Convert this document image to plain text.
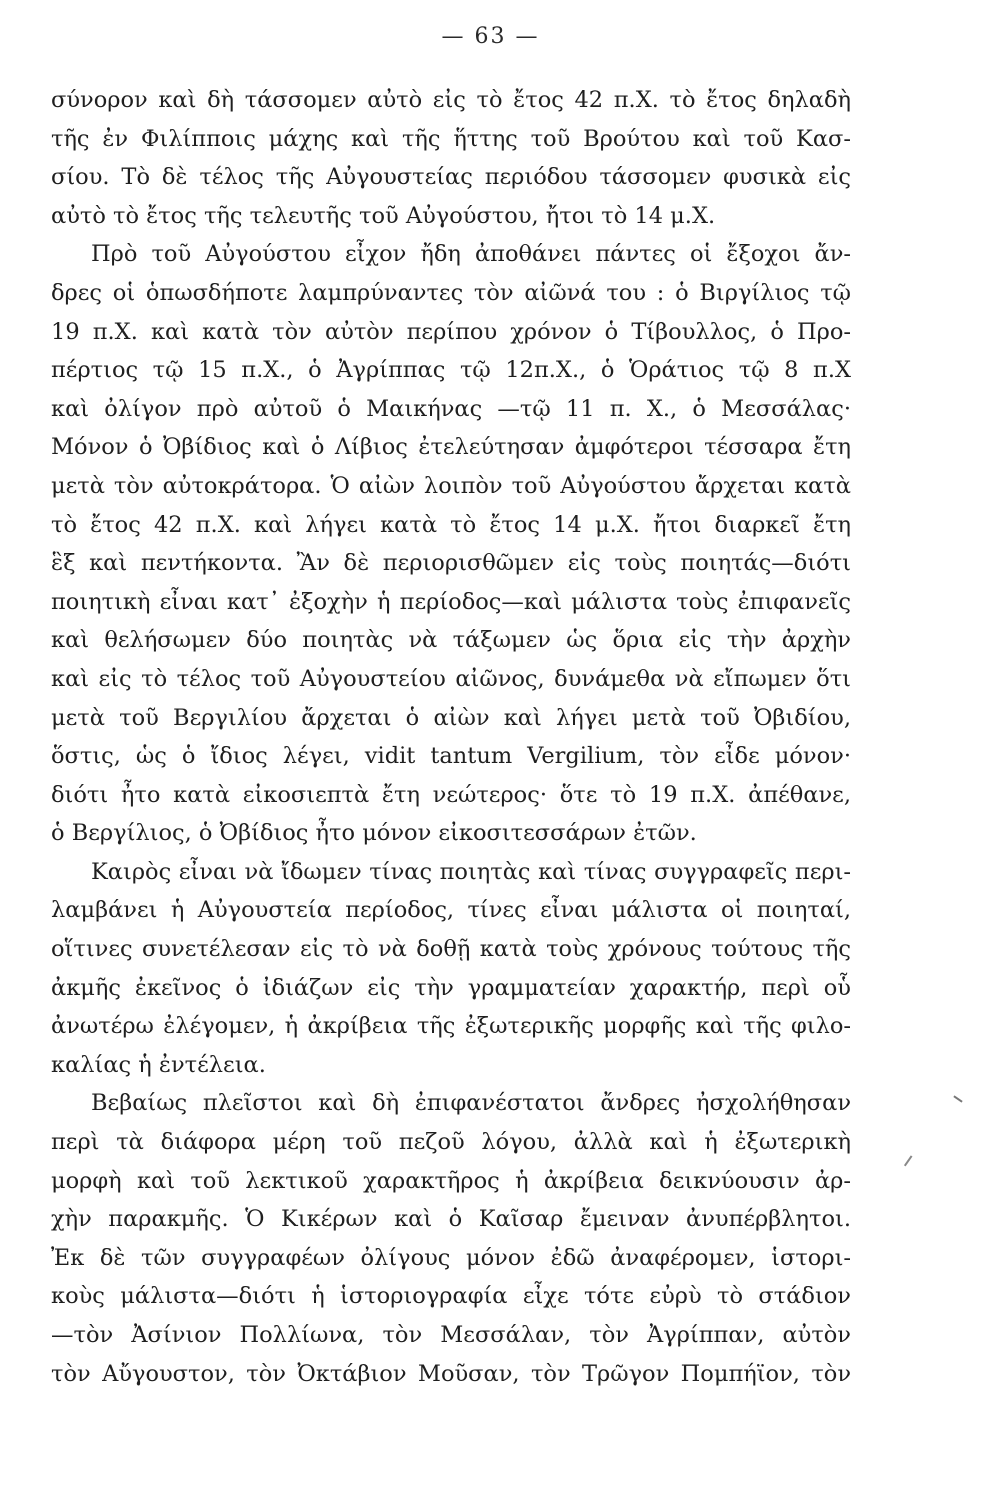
— 63 —
σύνορον καὶ δὴ τάσσομεν αὐτὸ εἰς τὸ ἔτος 42 π.Χ. τὸ ἔτος δηλαδὴ
τῆς ἐν Φιλίπποις μάχης καὶ τῆς ἥττης τοῦ Βρούτου καὶ τοῦ Κασ-
σίου. Τὸ δὲ τέλος τῆς Αὐγουστείας περιόδου τάσσομεν φυσικὰ εἰς
αὐτὸ τὸ ἔτος τῆς τελευτῆς τοῦ Αὐγούστου, ἤτοι τὸ 14 μ.Χ.
Πρὸ τοῦ Αὐγούστου εἶχον ἤδη ἀποθάνει πάντες οἱ ἔξοχοι ἄν-
δρες οἱ ὁπωσδήποτε λαμπρύναντες τὸν αἰῶνά του : ὁ Βιργίλιος τῷ
19 π.Χ. καὶ κατὰ τὸν αὐτὸν περίπου χρόνον ὁ Τίβουλλος, ὁ Προ-
πέρτιος τῷ 15 π.Χ., ὁ Ἀγρίππας τῷ 12π.Χ., ὁ Ὁράτιος τῷ 8 π.Χ
καὶ ὀλίγον πρὸ αὐτοῦ ὁ Μαικήνας —τῷ 11 π. Χ., ὁ Μεσσάλας·
Μόνον ὁ Ὀβίδιος καὶ ὁ Λίβιος ἐτελεύτησαν ἀμφότεροι τέσσαρα ἔτη
μετὰ τὸν αὐτοκράτορα. Ὁ αἰὼν λοιπὸν τοῦ Αὐγούστου ἄρχεται κατὰ
τὸ ἔτος 42 π.Χ. καὶ λήγει κατὰ τὸ ἔτος 14 μ.Χ. ἤτοι διαρκεῖ ἔτη
ἓξ καὶ πεντήκοντα. Ἂν δὲ περιορισθῶμεν εἰς τοὺς ποιητάς—διότι
ποιητικὴ εἶναι κατ᾽ ἐξοχὴν ἡ περίοδος—καὶ μάλιστα τοὺς ἐπιφανεῖς
καὶ θελήσωμεν δύο ποιητὰς νὰ τάξωμεν ὡς ὅρια εἰς τὴν ἀρχὴν
καὶ εἰς τὸ τέλος τοῦ Αὐγουστείου αἰῶνος, δυνάμεθα νὰ εἴπωμεν ὅτι
μετὰ τοῦ Βεργιλίου ἄρχεται ὁ αἰὼν καὶ λήγει μετὰ τοῦ Ὀβιδίου,
ὅστις, ὡς ὁ ἴδιος λέγει, vidit tantum Vergilium, τὸν εἶδε μόνον·
διότι ἦτο κατὰ εἰκοσιεπτὰ ἔτη νεώτερος· ὅτε τὸ 19 π.Χ. ἀπέθανε,
ὁ Βεργίλιος, ὁ Ὀβίδιος ἦτο μόνον εἰκοσιτεσσάρων ἐτῶν.
Καιρὸς εἶναι νὰ ἴδωμεν τίνας ποιητὰς καὶ τίνας συγγραφεῖς περι-
λαμβάνει ἡ Αὐγουστεία περίοδος, τίνες εἶναι μάλιστα οἱ ποιηταί,
οἵτινες συνετέλεσαν εἰς τὸ νὰ δοθῇ κατὰ τοὺς χρόνους τούτους τῆς
ἀκμῆς ἐκεῖνος ὁ ἰδιάζων εἰς τὴν γραμματείαν χαρακτήρ, περὶ οὗ
ἀνωτέρω ἐλέγομεν, ἡ ἀκρίβεια τῆς ἐξωτερικῆς μορφῆς καὶ τῆς φιλο-
καλίας ἡ ἐντέλεια.
Βεβαίως πλεῖστοι καὶ δὴ ἐπιφανέστατοι ἄνδρες ἠσχολήθησαν
περὶ τὰ διάφορα μέρη τοῦ πεζοῦ λόγου, ἀλλὰ καὶ ἡ ἐξωτερικὴ
μορφὴ καὶ τοῦ λεκτικοῦ χαρακτῆρος ἡ ἀκρίβεια δεικνύουσιν ἀρ-
χὴν παρακμῆς. Ὁ Κικέρων καὶ ὁ Καῖσαρ ἔμειναν ἀνυπέρβλητοι.
Ἐκ δὲ τῶν συγγραφέων ὀλίγους μόνον ἐδῶ ἀναφέρομεν, ἱστορι-
κοὺς μάλιστα—διότι ἡ ἱστοριογραφία εἶχε τότε εὐρὺ τὸ στάδιον
—τὸν Ἀσίνιον Πολλίωνα, τὸν Μεσσάλαν, τὸν Ἀγρίππαν, αὐτὸν
τὸν Αὔγουστον, τὸν Ὀκτάβιον Μοῦσαν, τὸν Τρῶγον Πομπήϊον, τὸν
